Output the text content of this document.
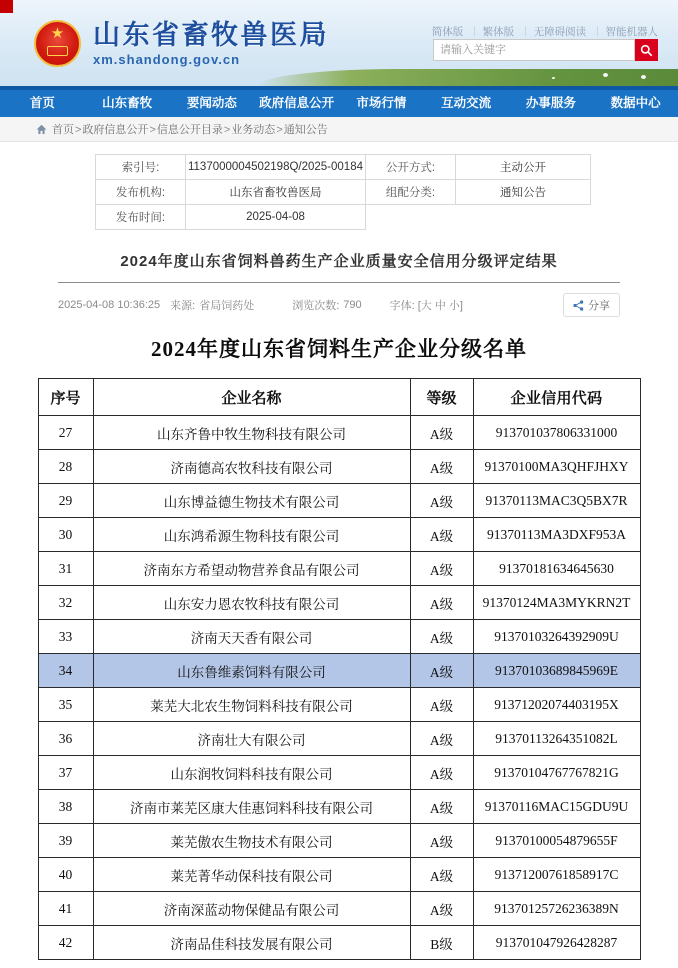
★	山东省畜牧兽医局
xm.shandong.gov.cn
简体版 ｜ 繁体版 ｜ 无障碍阅读 ｜ 智能机器人
请输入关键字
首页	山东畜牧	要闻动态	政府信息公开	市场行情	互动交流	办事服务	数据中心
首页 > 政府信息公开 > 信息公开目录 > 业务动态 > 通知公告
索引号:	1137000004502198Q/2025-00184	公开方式:	主动公开
发布机构:	山东省畜牧兽医局	组配分类:	通知公告
发布时间:	2025-04-08		
2024年度山东省饲料兽药生产企业质量安全信用分级评定结果
2025-04-08 10:36:25 来源: 省局饲药处	浏览次数: 790	字体: [大 中 小]	分享
2024年度山东省饲料生产企业分级名单
序号	企业名称	等级	企业信用代码
27	山东齐鲁中牧生物科技有限公司	A级	913701037806331000
28	济南德高农牧科技有限公司	A级	91370100MA3QHFJHXY
29	山东博益德生物技术有限公司	A级	91370113MAC3Q5BX7R
30	山东鸿希源生物科技有限公司	A级	91370113MA3DXF953A
31	济南东方希望动物营养食品有限公司	A级	91370181634645630
32	山东安力恩农牧科技有限公司	A级	91370124MA3MYKRN2T
33	济南天天香有限公司	A级	91370103264392909U
34	山东鲁维素饲料有限公司	A级	91370103689845969E
35	莱芜大北农生物饲料科技有限公司	A级	91371202074403195X
36	济南壮大有限公司	A级	91370113264351082L
37	山东润牧饲料科技有限公司	A级	91370104767767821G
38	济南市莱芜区康大佳惠饲料科技有限公司	A级	91370116MAC15GDU9U
39	莱芜傲农生物技术有限公司	A级	91370100054879655F
40	莱芜菁华动保科技有限公司	A级	91371200761858917C
41	济南深蓝动物保健品有限公司	A级	91370125726236389N
42	济南品佳科技发展有限公司	B级	913701047926428287
